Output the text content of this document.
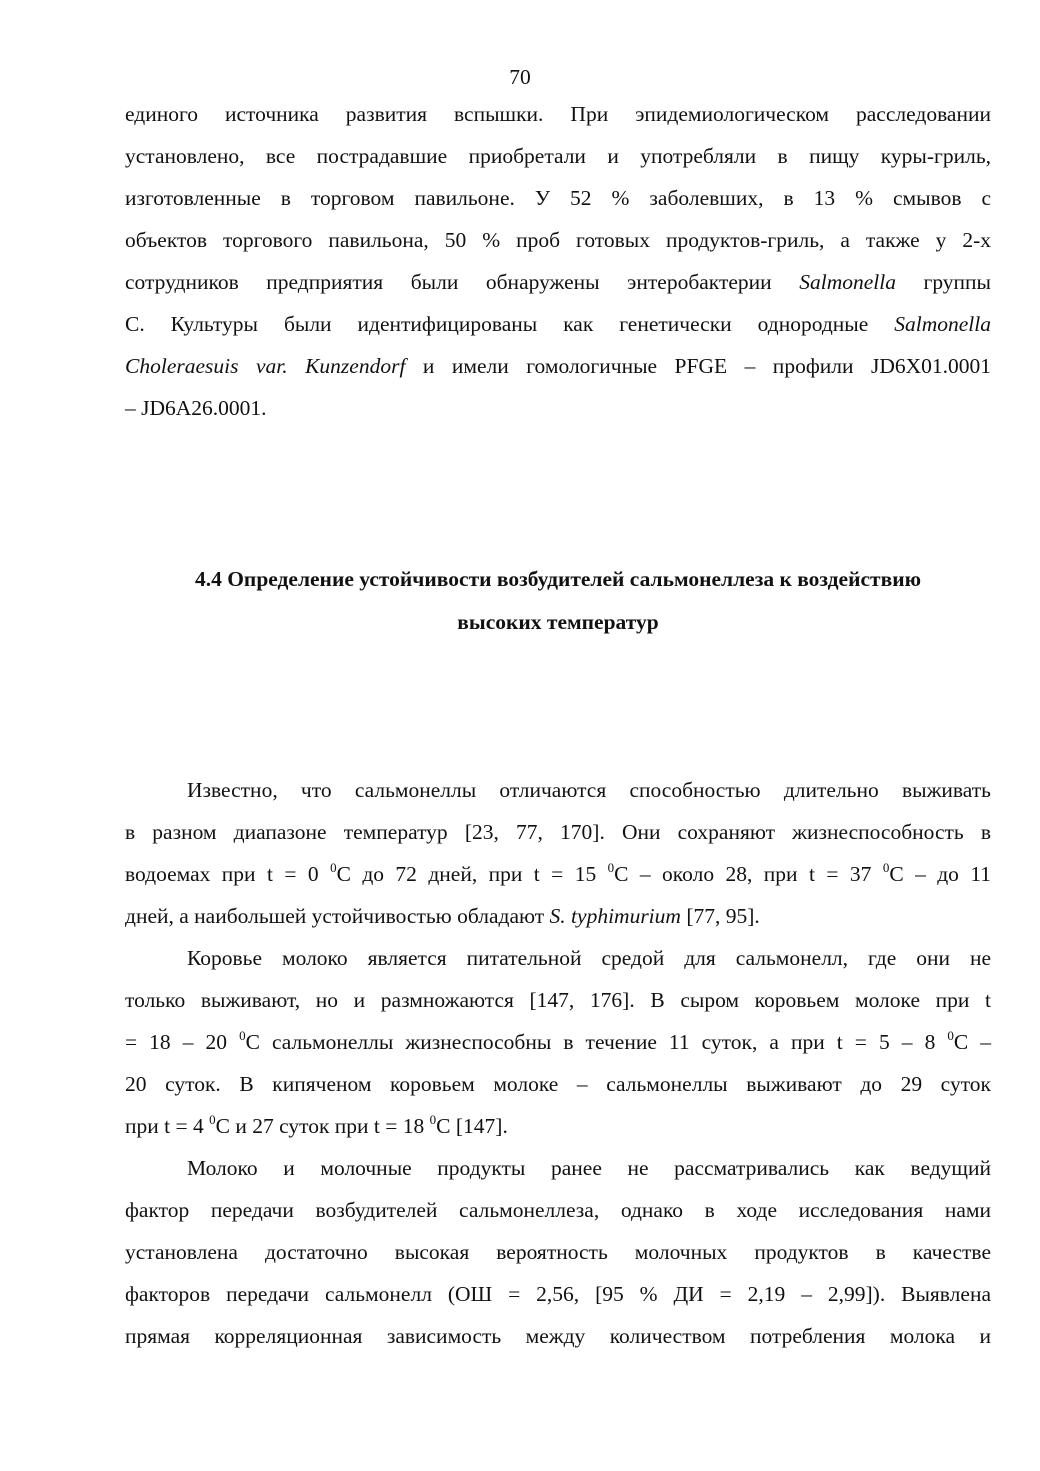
70
единого источника развития вспышки. При эпидемиологическом расследовании
установлено, все пострадавшие приобретали и употребляли в пищу куры-гриль,
изготовленные в торговом павильоне. У 52 % заболевших, в 13 % смывов с
объектов торгового павильона, 50 % проб готовых продуктов-гриль, а также у 2-х
сотрудников предприятия были обнаружены энтеробактерии Salmonella группы
С. Культуры были идентифицированы как генетически однородные Salmonella
Choleraesuis var. Kunzendorf и имели гомологичные PFGE – профили JD6X01.0001
– JD6A26.0001.
4.4 Определение устойчивости возбудителей сальмонеллеза к воздействию
высоких температур
Известно, что сальмонеллы отличаются способностью длительно выживать
в разном диапазоне температур [23, 77, 170]. Они сохраняют жизнеспособность в
водоемах при t = 0 $^0$С до 72 дней, при t = 15 $^0$С – около 28, при t = 37 $^0$С – до 11
дней, а наибольшей устойчивостью обладают S. typhimurium [77, 95].
Коровье молоко является питательной средой для сальмонелл, где они не
только выживают, но и размножаются [147, 176]. В сыром коровьем молоке при t
= 18 – 20 $^0$С сальмонеллы жизнеспособны в течение 11 суток, а при t = 5 – 8 $^0$С –
20 суток. В кипяченом коровьем молоке – сальмонеллы выживают до 29 суток
при t = 4 $^0$С и 27 суток при t = 18 $^0$С [147].
Молоко и молочные продукты ранее не рассматривались как ведущий
фактор передачи возбудителей сальмонеллеза, однако в ходе исследования нами
установлена достаточно высокая вероятность молочных продуктов в качестве
факторов передачи сальмонелл (ОШ = 2,56, [95 % ДИ = 2,19 – 2,99]). Выявлена
прямая корреляционная зависимость между количеством потребления молока и
